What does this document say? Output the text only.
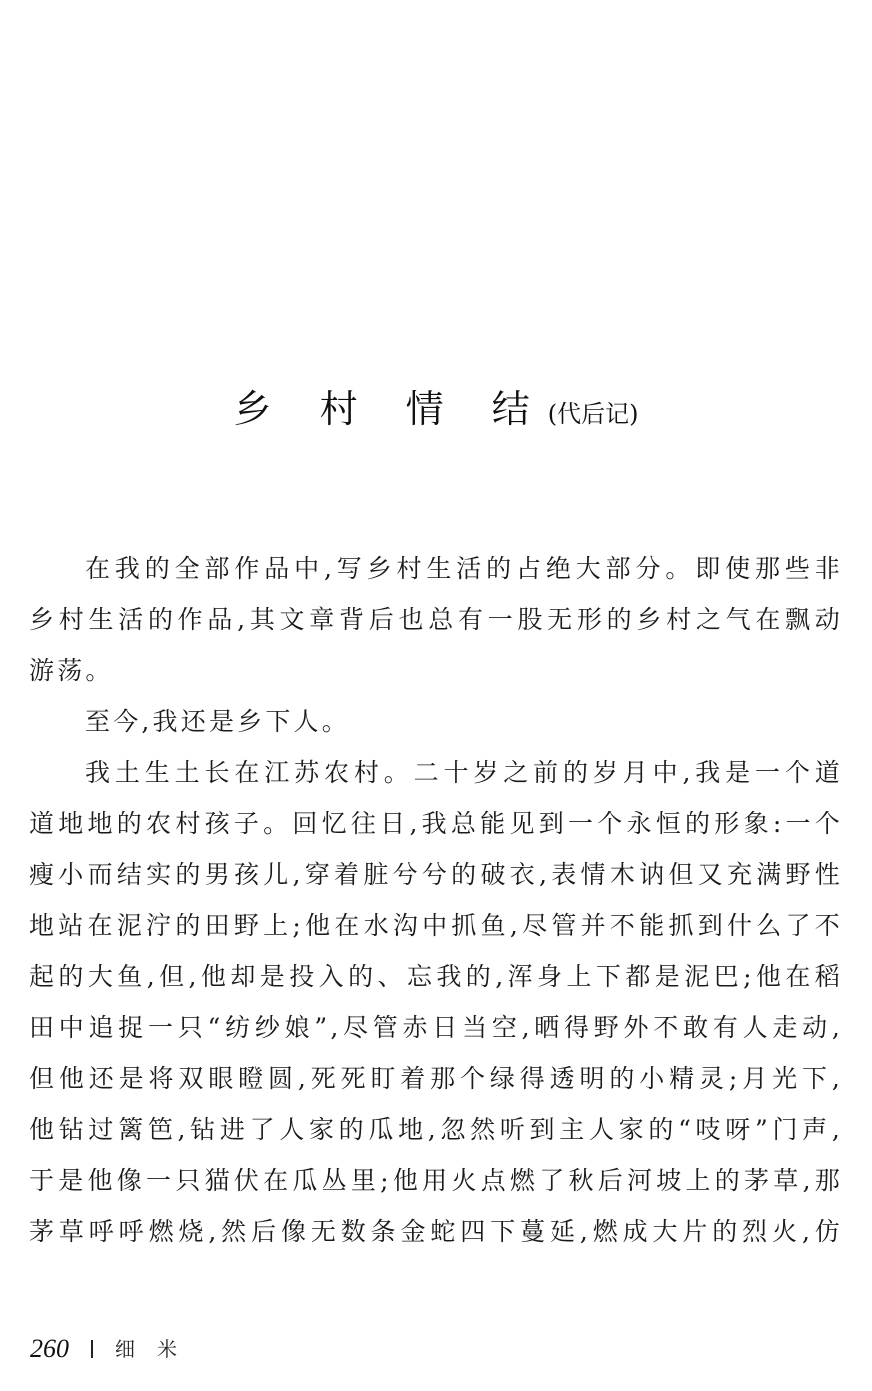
乡 村 情 结(代后记)
在我的全部作品中,写乡村生活的占绝大部分。即使那些非
乡村生活的作品,其文章背后也总有一股无形的乡村之气在飘动
游荡。
至今,我还是乡下人。
我土生土长在江苏农村。二十岁之前的岁月中,我是一个道
道地地的农村孩子。回忆往日,我总能见到一个永恒的形象:一个
瘦小而结实的男孩儿,穿着脏兮兮的破衣,表情木讷但又充满野性
地站在泥泞的田野上;他在水沟中抓鱼,尽管并不能抓到什么了不
起的大鱼,但,他却是投入的、忘我的,浑身上下都是泥巴;他在稻
田中追捉一只“纺纱娘”,尽管赤日当空,晒得野外不敢有人走动,
但他还是将双眼瞪圆,死死盯着那个绿得透明的小精灵;月光下,
他钻过篱笆,钻进了人家的瓜地,忽然听到主人家的“吱呀”门声,
于是他像一只猫伏在瓜丛里;他用火点燃了秋后河坡上的茅草,那
茅草呼呼燃烧,然后像无数条金蛇四下蔓延,燃成大片的烈火,仿
260 细米
